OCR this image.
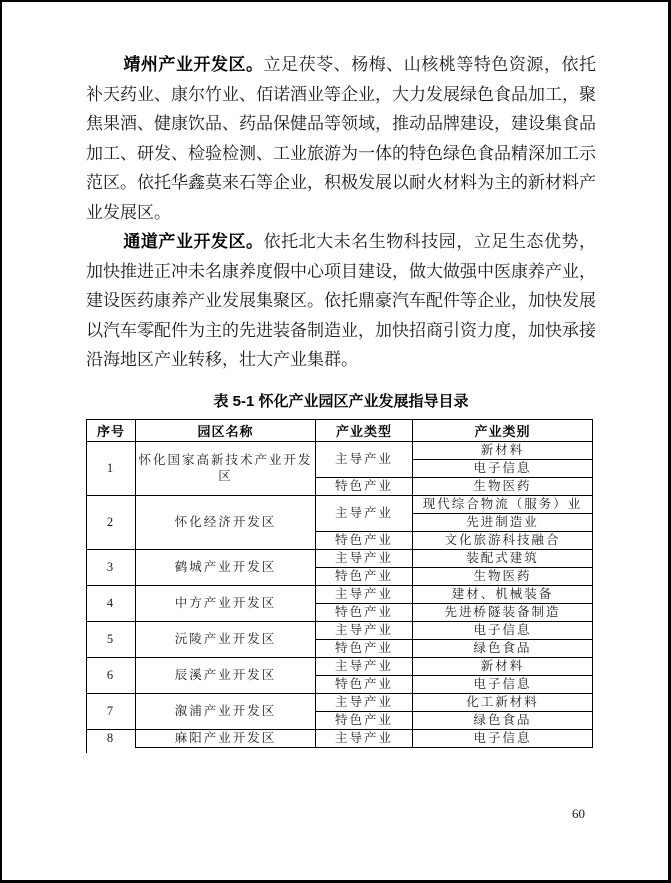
靖州产业开发区。立足茯苓、杨梅、山核桃等特色资源，依托补天药业、康尔竹业、佰诺酒业等企业，大力发展绿色食品加工，聚焦果酒、健康饮品、药品保健品等领域，推动品牌建设，建设集食品加工、研发、检验检测、工业旅游为一体的特色绿色食品精深加工示范区。依托华鑫莫来石等企业，积极发展以耐火材料为主的新材料产业发展区。

通道产业开发区。依托北大未名生物科技园，立足生态优势，加快推进正冲未名康养度假中心项目建设，做大做强中医康养产业，建设医药康养产业发展集聚区。依托鼎豪汽车配件等企业，加快发展以汽车零配件为主的先进装备制造业，加快招商引资力度，加快承接沿海地区产业转移，壮大产业集群。

表 5-1 怀化产业园区产业发展指导目录
序号	园区名称	产业类型	产业类别
1	怀化国家高新技术产业开发区	主导产业	新材料
			电子信息
		特色产业	生物医药
2	怀化经济开发区	主导产业	现代综合物流（服务）业
			先进制造业
		特色产业	文化旅游科技融合
3	鹤城产业开发区	主导产业	装配式建筑
		特色产业	生物医药
4	中方产业开发区	主导产业	建材、机械装备
		特色产业	先进桥隧装备制造
5	沅陵产业开发区	主导产业	电子信息
		特色产业	绿色食品
6	辰溪产业开发区	主导产业	新材料
		特色产业	电子信息
7	溆浦产业开发区	主导产业	化工新材料
		特色产业	绿色食品
8	麻阳产业开发区	主导产业	电子信息
60
